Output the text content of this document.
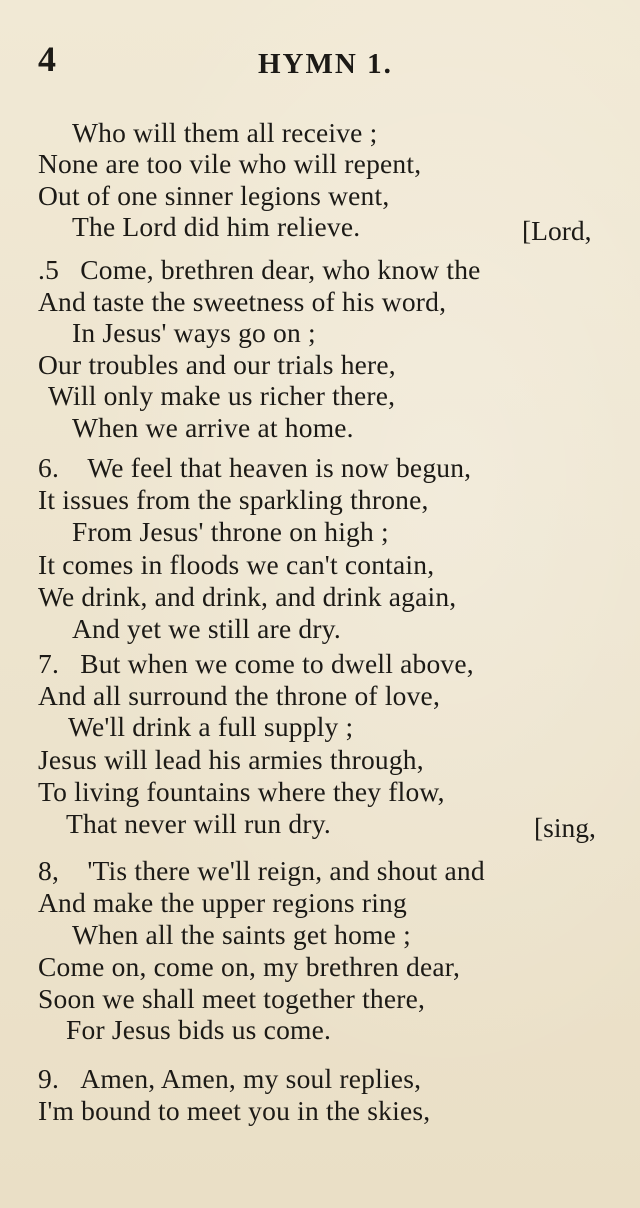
4	HYMN 1.
Who will them all receive ;
None are too vile who will repent,
Out of one sinner legions went,
The Lord did him relieve.	[Lord,
.5 Come, brethren dear, who know the
And taste the sweetness of his word,
In Jesus' ways go on ;
Our troubles and our trials here,
Will only make us richer there,
When we arrive at home.
6. We feel that heaven is now begun,
It issues from the sparkling throne,
From Jesus' throne on high ;
It comes in floods we can't contain,
We drink, and drink, and drink again,
And yet we still are dry.
7. But when we come to dwell above,
And all surround the throne of love,
We'll drink a full supply ;
Jesus will lead his armies through,
To living fountains where they flow,
That never will run dry.	[sing,
8, 'Tis there we'll reign, and shout and
And make the upper regions ring
When all the saints get home ;
Come on, come on, my brethren dear,
Soon we shall meet together there,
For Jesus bids us come.
9. Amen, Amen, my soul replies,
I'm bound to meet you in the skies,
